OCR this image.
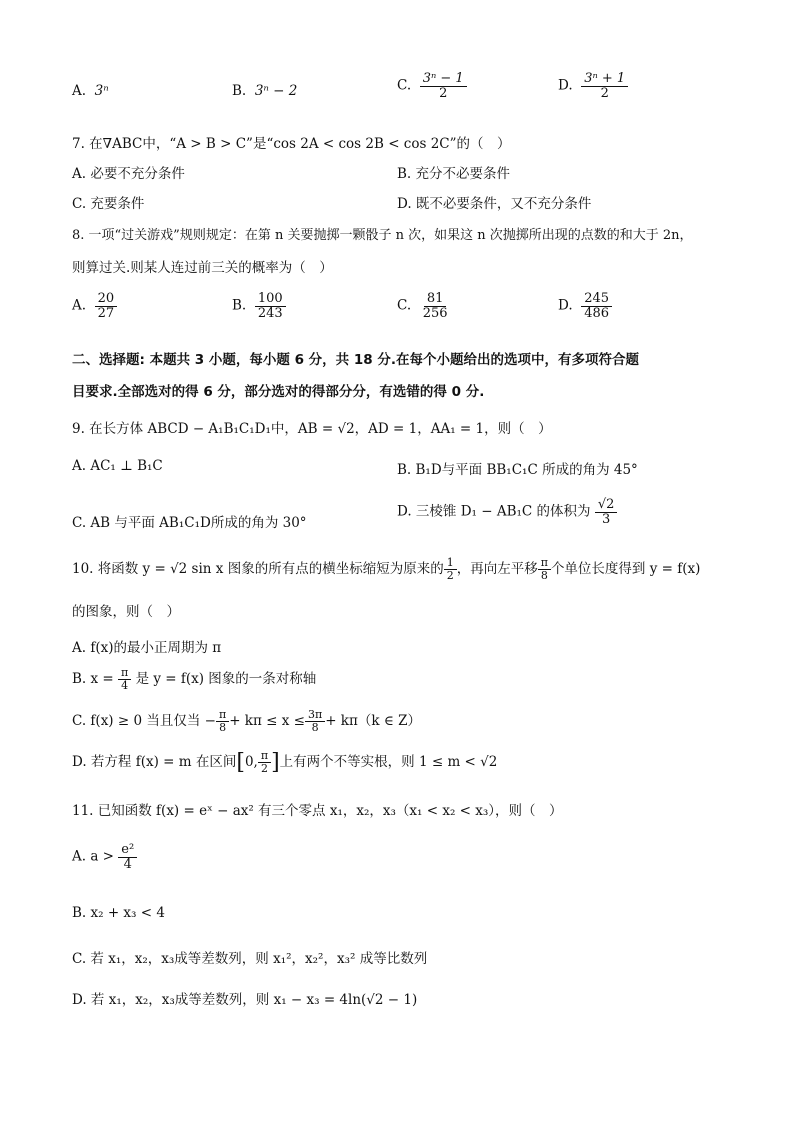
A. 3ⁿ	B. 3ⁿ − 2	C. $\frac{\text{3ⁿ − 1}}{2}$	D. $\frac{\text{3ⁿ + 1}}{2}$
7. 在∇ABC中，“A > B > C”是“cos 2A < cos 2B < cos 2C”的（　）
A. 必要不充分条件	B. 充分不必要条件
C. 充要条件	D. 既不必要条件，又不充分条件
8. 一项“过关游戏”规则规定：在第 n 关要抛掷一颗骰子 n 次，如果这 n 次抛掷所出现的点数的和大于 2n，
则算过关.则某人连过前三关的概率为（　）
A. $\frac{20}{27}$	B. $\frac{100}{243}$	C. $\frac{81}{256}$	D. $\frac{245}{486}$
二、选择题: 本题共 3 小题，每小题 6 分，共 18 分.在每个小题给出的选项中，有多项符合题
目要求.全部选对的得 6 分，部分选对的得部分分，有选错的得 0 分.
9. 在长方体 ABCD − A₁B₁C₁D₁中，AB = √2，AD = 1，AA₁ = 1，则（　）
A. AC₁ ⊥ B₁C	B. B₁D与平面 BB₁C₁C 所成的角为 45°
C. AB 与平面 AB₁C₁D所成的角为 30°
D. 三棱锥 D₁ − AB₁C 的体积为 $\frac{√2}{3}$
10. 将函数 y = √2 sin x 图象的所有点的横坐标缩短为原来的 $\frac{1}{2}$ ，再向左平移 $\frac{\pi}{8}$ 个单位长度得到 y = f(x)
的图象，则（　）
A. f(x)的最小正周期为 π
B. $x = \frac{\pi}{4}$ 是 y = f(x) 图象的一条对称轴
C. f(x) ≥ 0 当且仅当 − $\frac{\pi}{8} + k\pi \le x \le \frac{3\pi}{8} + k\pi(k$ ∈ Z）
D. 若方程 f(x) = m 在区间[0, $\frac{\pi}{2}$ ]上有两个不等实根，则 1 ≤ m < √2
11. 已知函数 f(x) = eˣ − ax² 有三个零点 x₁，x₂，x₃（x₁ < x₂ < x₃），则（　）
A. $a > \frac{\text{e²}}{4}$
B. x₂ + x₃ < 4
C. 若 x₁，x₂，x₃成等差数列，则 x₁²，x₂²，x₃² 成等比数列
D. 若 x₁，x₂，x₃成等差数列，则 x₁ − x₃ = 4ln(√2 − 1)
